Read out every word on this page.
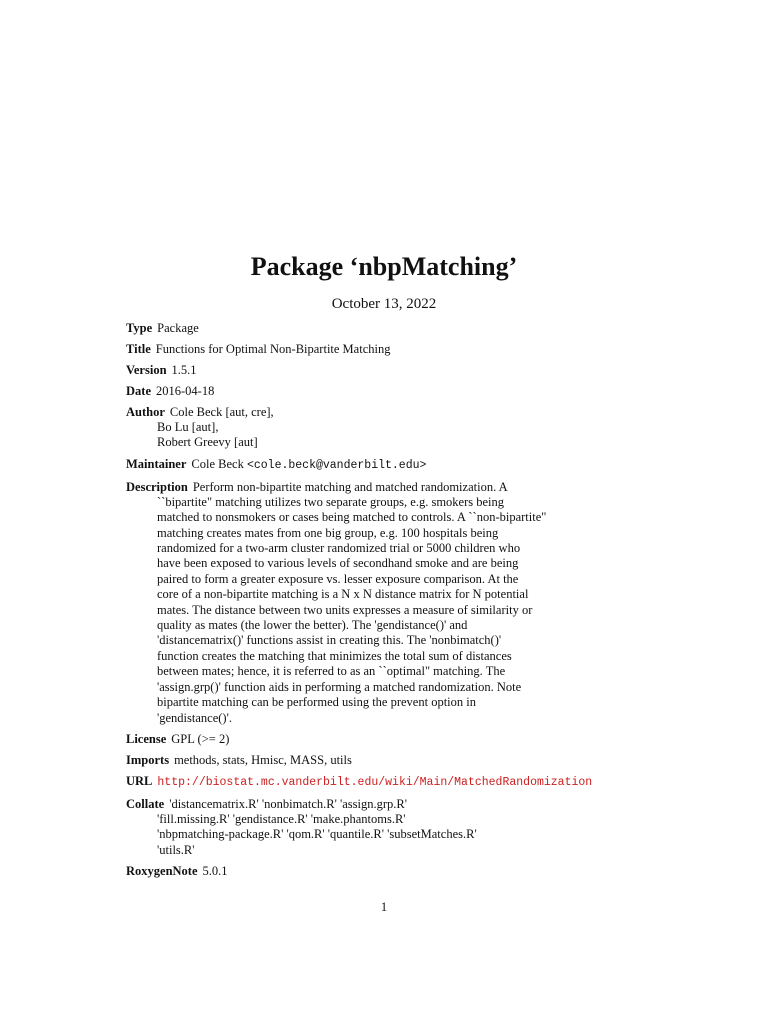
Package ‘nbpMatching’
October 13, 2022
Type Package
Title Functions for Optimal Non-Bipartite Matching
Version 1.5.1
Date 2016-04-18
Author Cole Beck [aut, cre],
Bo Lu [aut],
Robert Greevy [aut]
Maintainer Cole Beck <cole.beck@vanderbilt.edu>
Description Perform non-bipartite matching and matched randomization. A
``bipartite" matching utilizes two separate groups, e.g. smokers being
matched to nonsmokers or cases being matched to controls. A ``non-bipartite"
matching creates mates from one big group, e.g. 100 hospitals being
randomized for a two-arm cluster randomized trial or 5000 children who
have been exposed to various levels of secondhand smoke and are being
paired to form a greater exposure vs. lesser exposure comparison. At the
core of a non-bipartite matching is a N x N distance matrix for N potential
mates. The distance between two units expresses a measure of similarity or
quality as mates (the lower the better). The 'gendistance()' and
'distancematrix()' functions assist in creating this. The 'nonbimatch()'
function creates the matching that minimizes the total sum of distances
between mates; hence, it is referred to as an ``optimal" matching. The
'assign.grp()' function aids in performing a matched randomization. Note
bipartite matching can be performed using the prevent option in
'gendistance()'.
License GPL (>= 2)
Imports methods, stats, Hmisc, MASS, utils
URL http://biostat.mc.vanderbilt.edu/wiki/Main/MatchedRandomization
Collate 'distancematrix.R' 'nonbimatch.R' 'assign.grp.R'
'fill.missing.R' 'gendistance.R' 'make.phantoms.R'
'nbpmatching-package.R' 'qom.R' 'quantile.R' 'subsetMatches.R'
'utils.R'
RoxygenNote 5.0.1
1
